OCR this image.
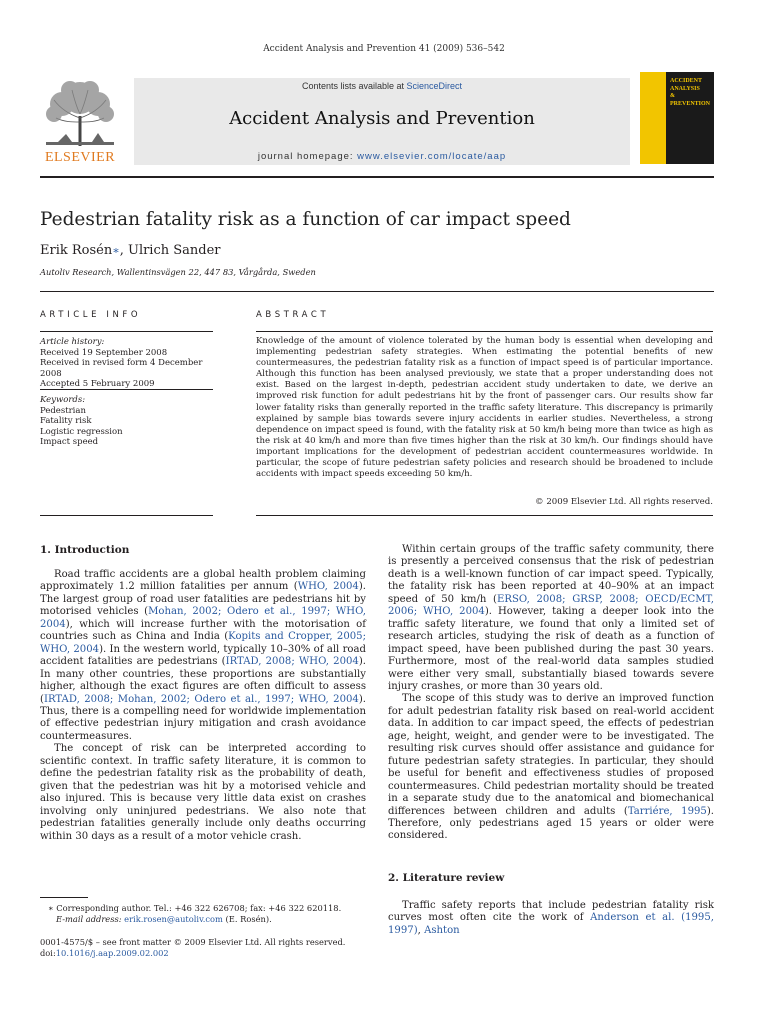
Accident Analysis and Prevention 41 (2009) 536–542
ELSEVIER
Contents lists available at ScienceDirect
Accident Analysis and Prevention
journal homepage: www.elsevier.com/locate/aap
ACCIDENT
ANALYSIS
&
PREVENTION
Pedestrian fatality risk as a function of car impact speed
Erik Rosén∗, Ulrich Sander
Autoliv Research, Wallentinsvägen 22, 447 83, Vårgårda, Sweden
ARTICLE INFO
Article history:
Received 19 September 2008
Received in revised form 4 December 2008
Accepted 5 February 2009
Keywords:
Pedestrian
Fatality risk
Logistic regression
Impact speed
ABSTRACT
Knowledge of the amount of violence tolerated by the human body is essential when developing and implementing pedestrian safety strategies. When estimating the potential benefits of new countermeasures, the pedestrian fatality risk as a function of impact speed is of particular importance. Although this function has been analysed previously, we state that a proper understanding does not exist. Based on the largest in-depth, pedestrian accident study undertaken to date, we derive an improved risk function for adult pedestrians hit by the front of passenger cars. Our results show far lower fatality risks than generally reported in the traffic safety literature. This discrepancy is primarily explained by sample bias towards severe injury accidents in earlier studies. Nevertheless, a strong dependence on impact speed is found, with the fatality risk at 50 km/h being more than twice as high as the risk at 40 km/h and more than five times higher than the risk at 30 km/h. Our findings should have important implications for the development of pedestrian accident countermeasures worldwide. In particular, the scope of future pedestrian safety policies and research should be broadened to include accidents with impact speeds exceeding 50 km/h.
© 2009 Elsevier Ltd. All rights reserved.
1. Introduction

Road traffic accidents are a global health problem claiming approximately 1.2 million fatalities per annum (WHO, 2004). The largest group of road user fatalities are pedestrians hit by motorised vehicles (Mohan, 2002; Odero et al., 1997; WHO, 2004), which will increase further with the motorisation of countries such as China and India (Kopits and Cropper, 2005; WHO, 2004). In the western world, typically 10–30% of all road accident fatalities are pedestrians (IRTAD, 2008; WHO, 2004). In many other countries, these proportions are substantially higher, although the exact figures are often difficult to assess (IRTAD, 2008; Mohan, 2002; Odero et al., 1997; WHO, 2004). Thus, there is a compelling need for worldwide implementation of effective pedestrian injury mitigation and crash avoidance countermeasures.

The concept of risk can be interpreted according to scientific context. In traffic safety literature, it is common to define the pedestrian fatality risk as the probability of death, given that the pedestrian was hit by a motorised vehicle and also injured. This is because very little data exist on crashes involving only uninjured pedestrians. We also note that pedestrian fatalities generally include only deaths occurring within 30 days as a result of a motor vehicle crash.

Within certain groups of the traffic safety community, there is presently a perceived consensus that the risk of pedestrian death is a well-known function of car impact speed. Typically, the fatality risk has been reported at 40–90% at an impact speed of 50 km/h (ERSO, 2008; GRSP, 2008; OECD/ECMT, 2006; WHO, 2004). However, taking a deeper look into the traffic safety literature, we found that only a limited set of research articles, studying the risk of death as a function of impact speed, have been published during the past 30 years. Furthermore, most of the real-world data samples studied were either very small, substantially biased towards severe injury crashes, or more than 30 years old.

The scope of this study was to derive an improved function for adult pedestrian fatality risk based on real-world accident data. In addition to car impact speed, the effects of pedestrian age, height, weight, and gender were to be investigated. The resulting risk curves should offer assistance and guidance for future pedestrian safety strategies. In particular, they should be useful for benefit and effectiveness studies of proposed countermeasures. Child pedestrian mortality should be treated in a separate study due to the anatomical and biomechanical differences between children and adults (Tarriére, 1995). Therefore, only pedestrians aged 15 years or older were considered.

2. Literature review

Traffic safety reports that include pedestrian fatality risk curves most often cite the work of Anderson et al. (1995, 1997), Ashton

∗ Corresponding author. Tel.: +46 322 626708; fax: +46 322 620118.
E-mail address: erik.rosen@autoliv.com (E. Rosén).
0001-4575/$ – see front matter © 2009 Elsevier Ltd. All rights reserved.
doi:10.1016/j.aap.2009.02.002
